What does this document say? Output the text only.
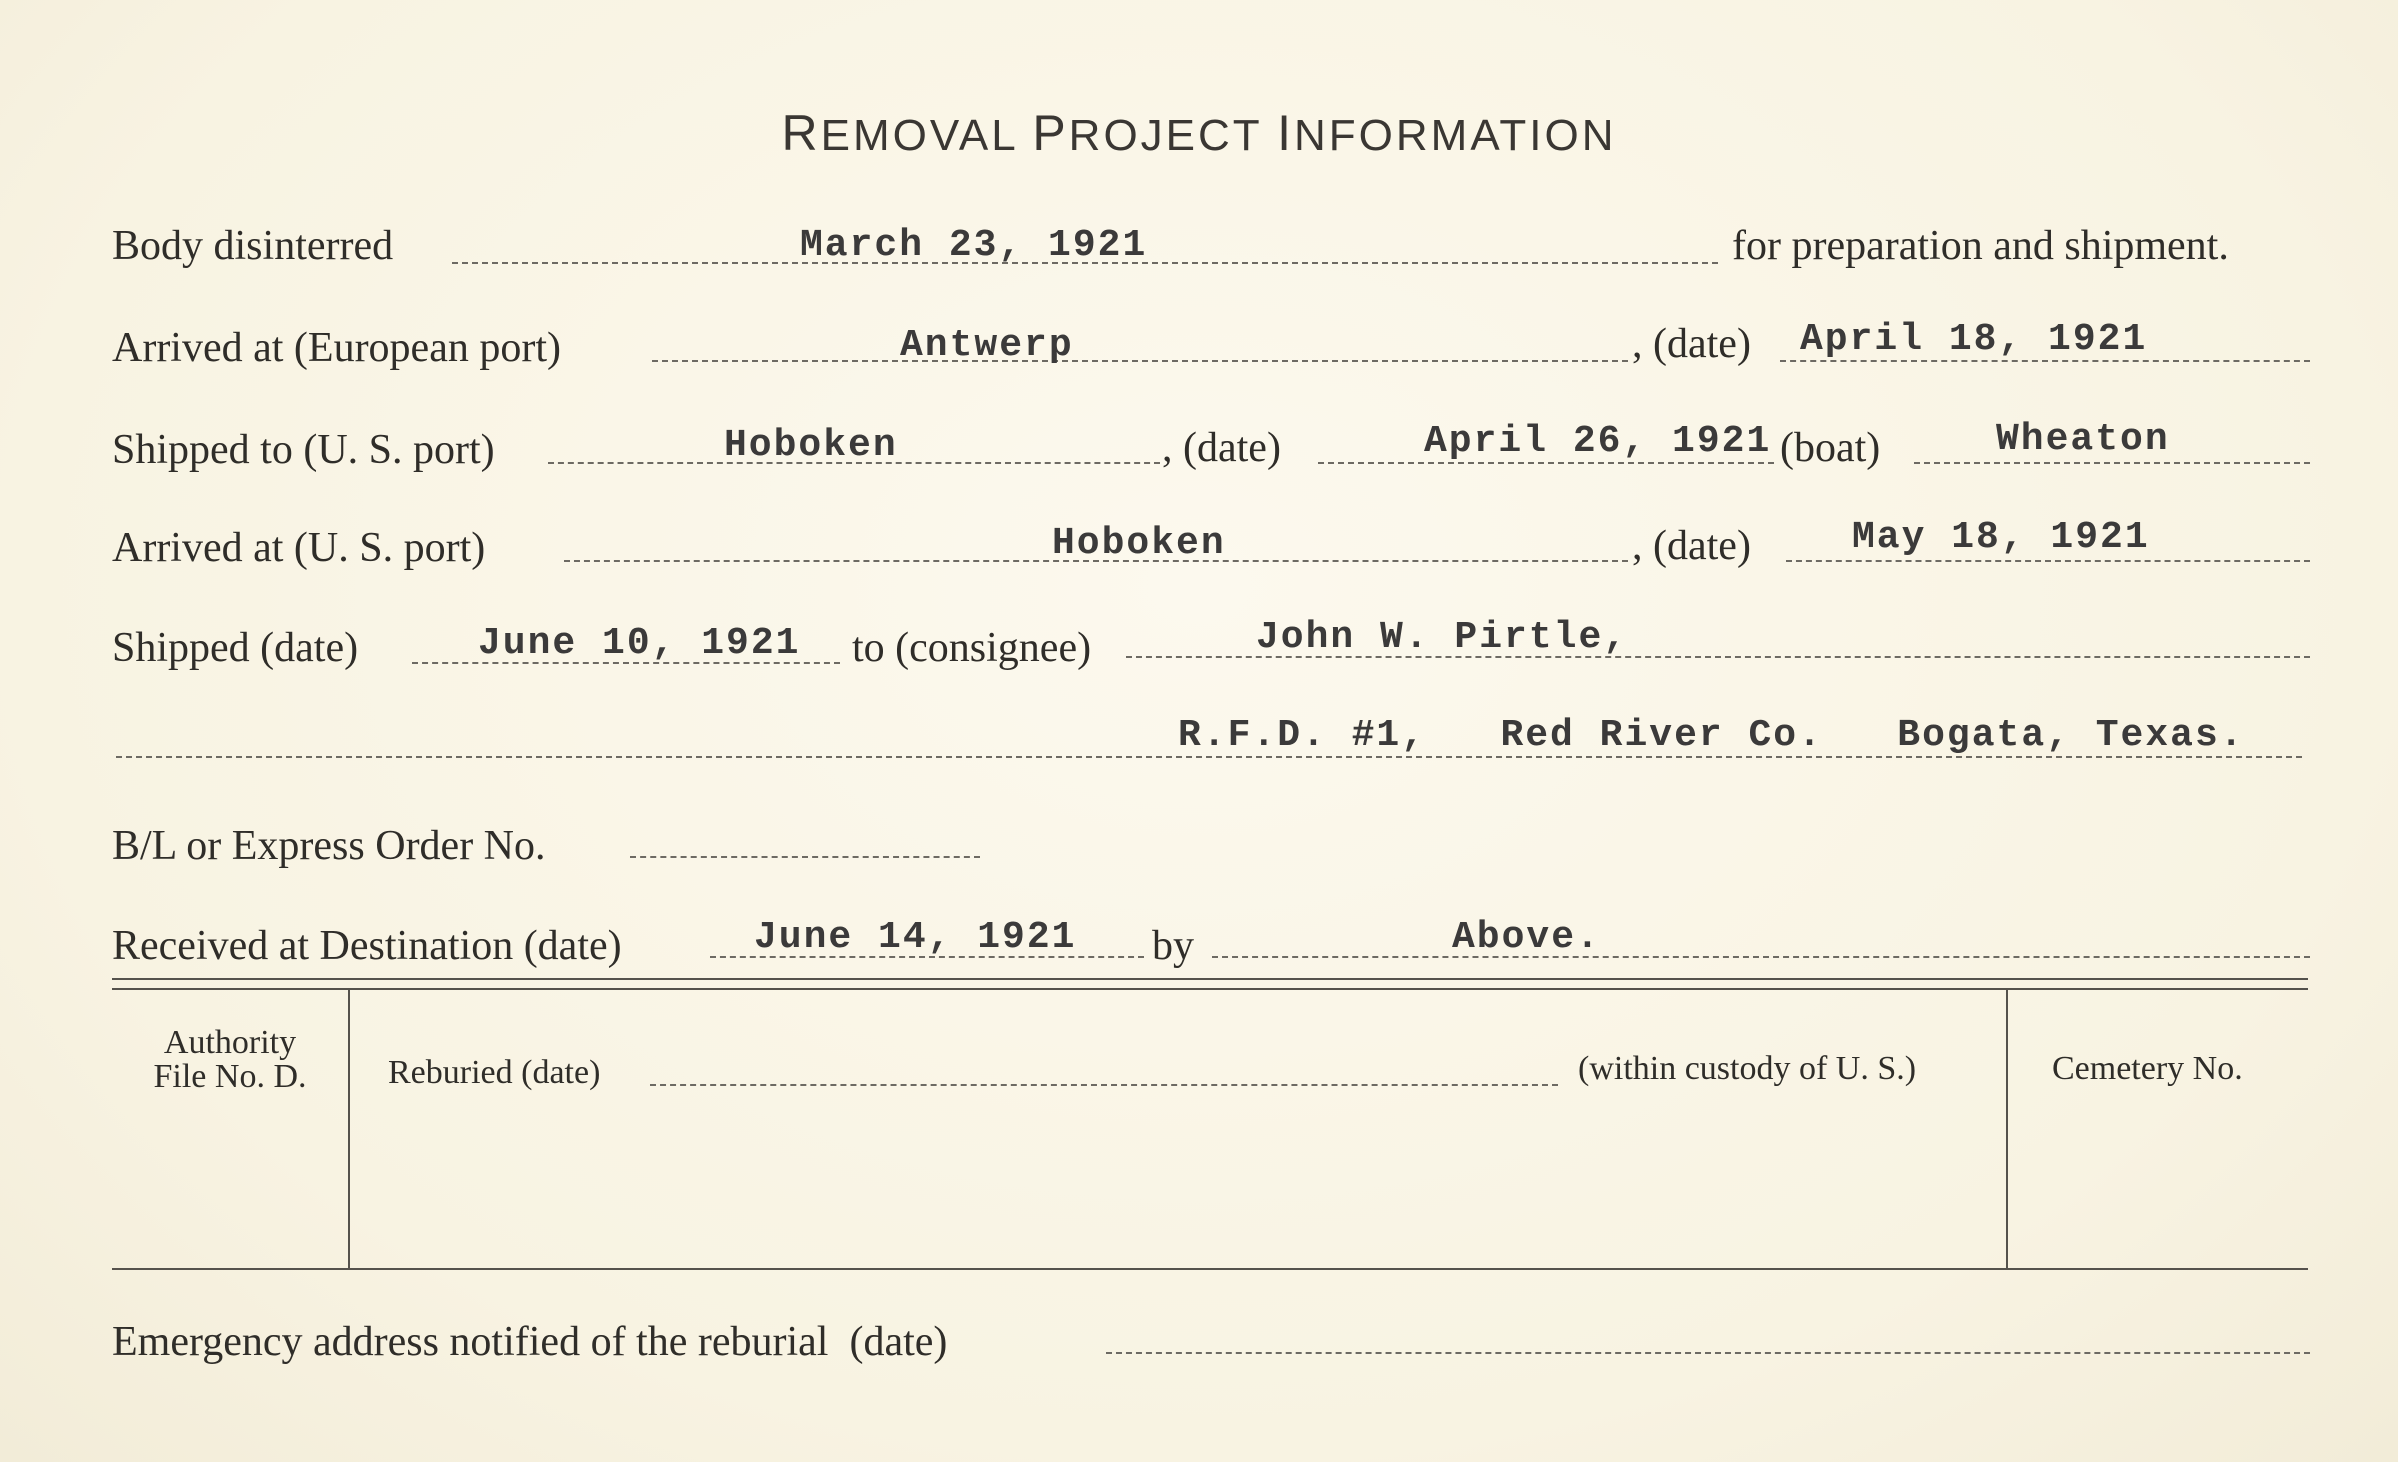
REMOVAL PROJECT INFORMATION
Body disinterred	March 23, 1921	for preparation and shipment.
Arrived at (European port)	Antwerp	, (date) April 18, 1921
Shipped to (U. S. port)	Hoboken	, (date)	April 26, 1921 (boat)	Wheaton
Arrived at (U. S. port)	Hoboken	, (date)	May 18, 1921
Shipped (date)	June 10, 1921 to (consignee)	John W. Pirtle,
R.F.D. #1,   Red River Co.   Bogata, Texas.
B/L or Express Order No.
Received at Destination (date)	June 14, 1921 by	Above.
Authority
File No. D.	Reburied (date)	(within custody of U. S.)	Cemetery No.
Emergency address notified of the reburial  (date)
